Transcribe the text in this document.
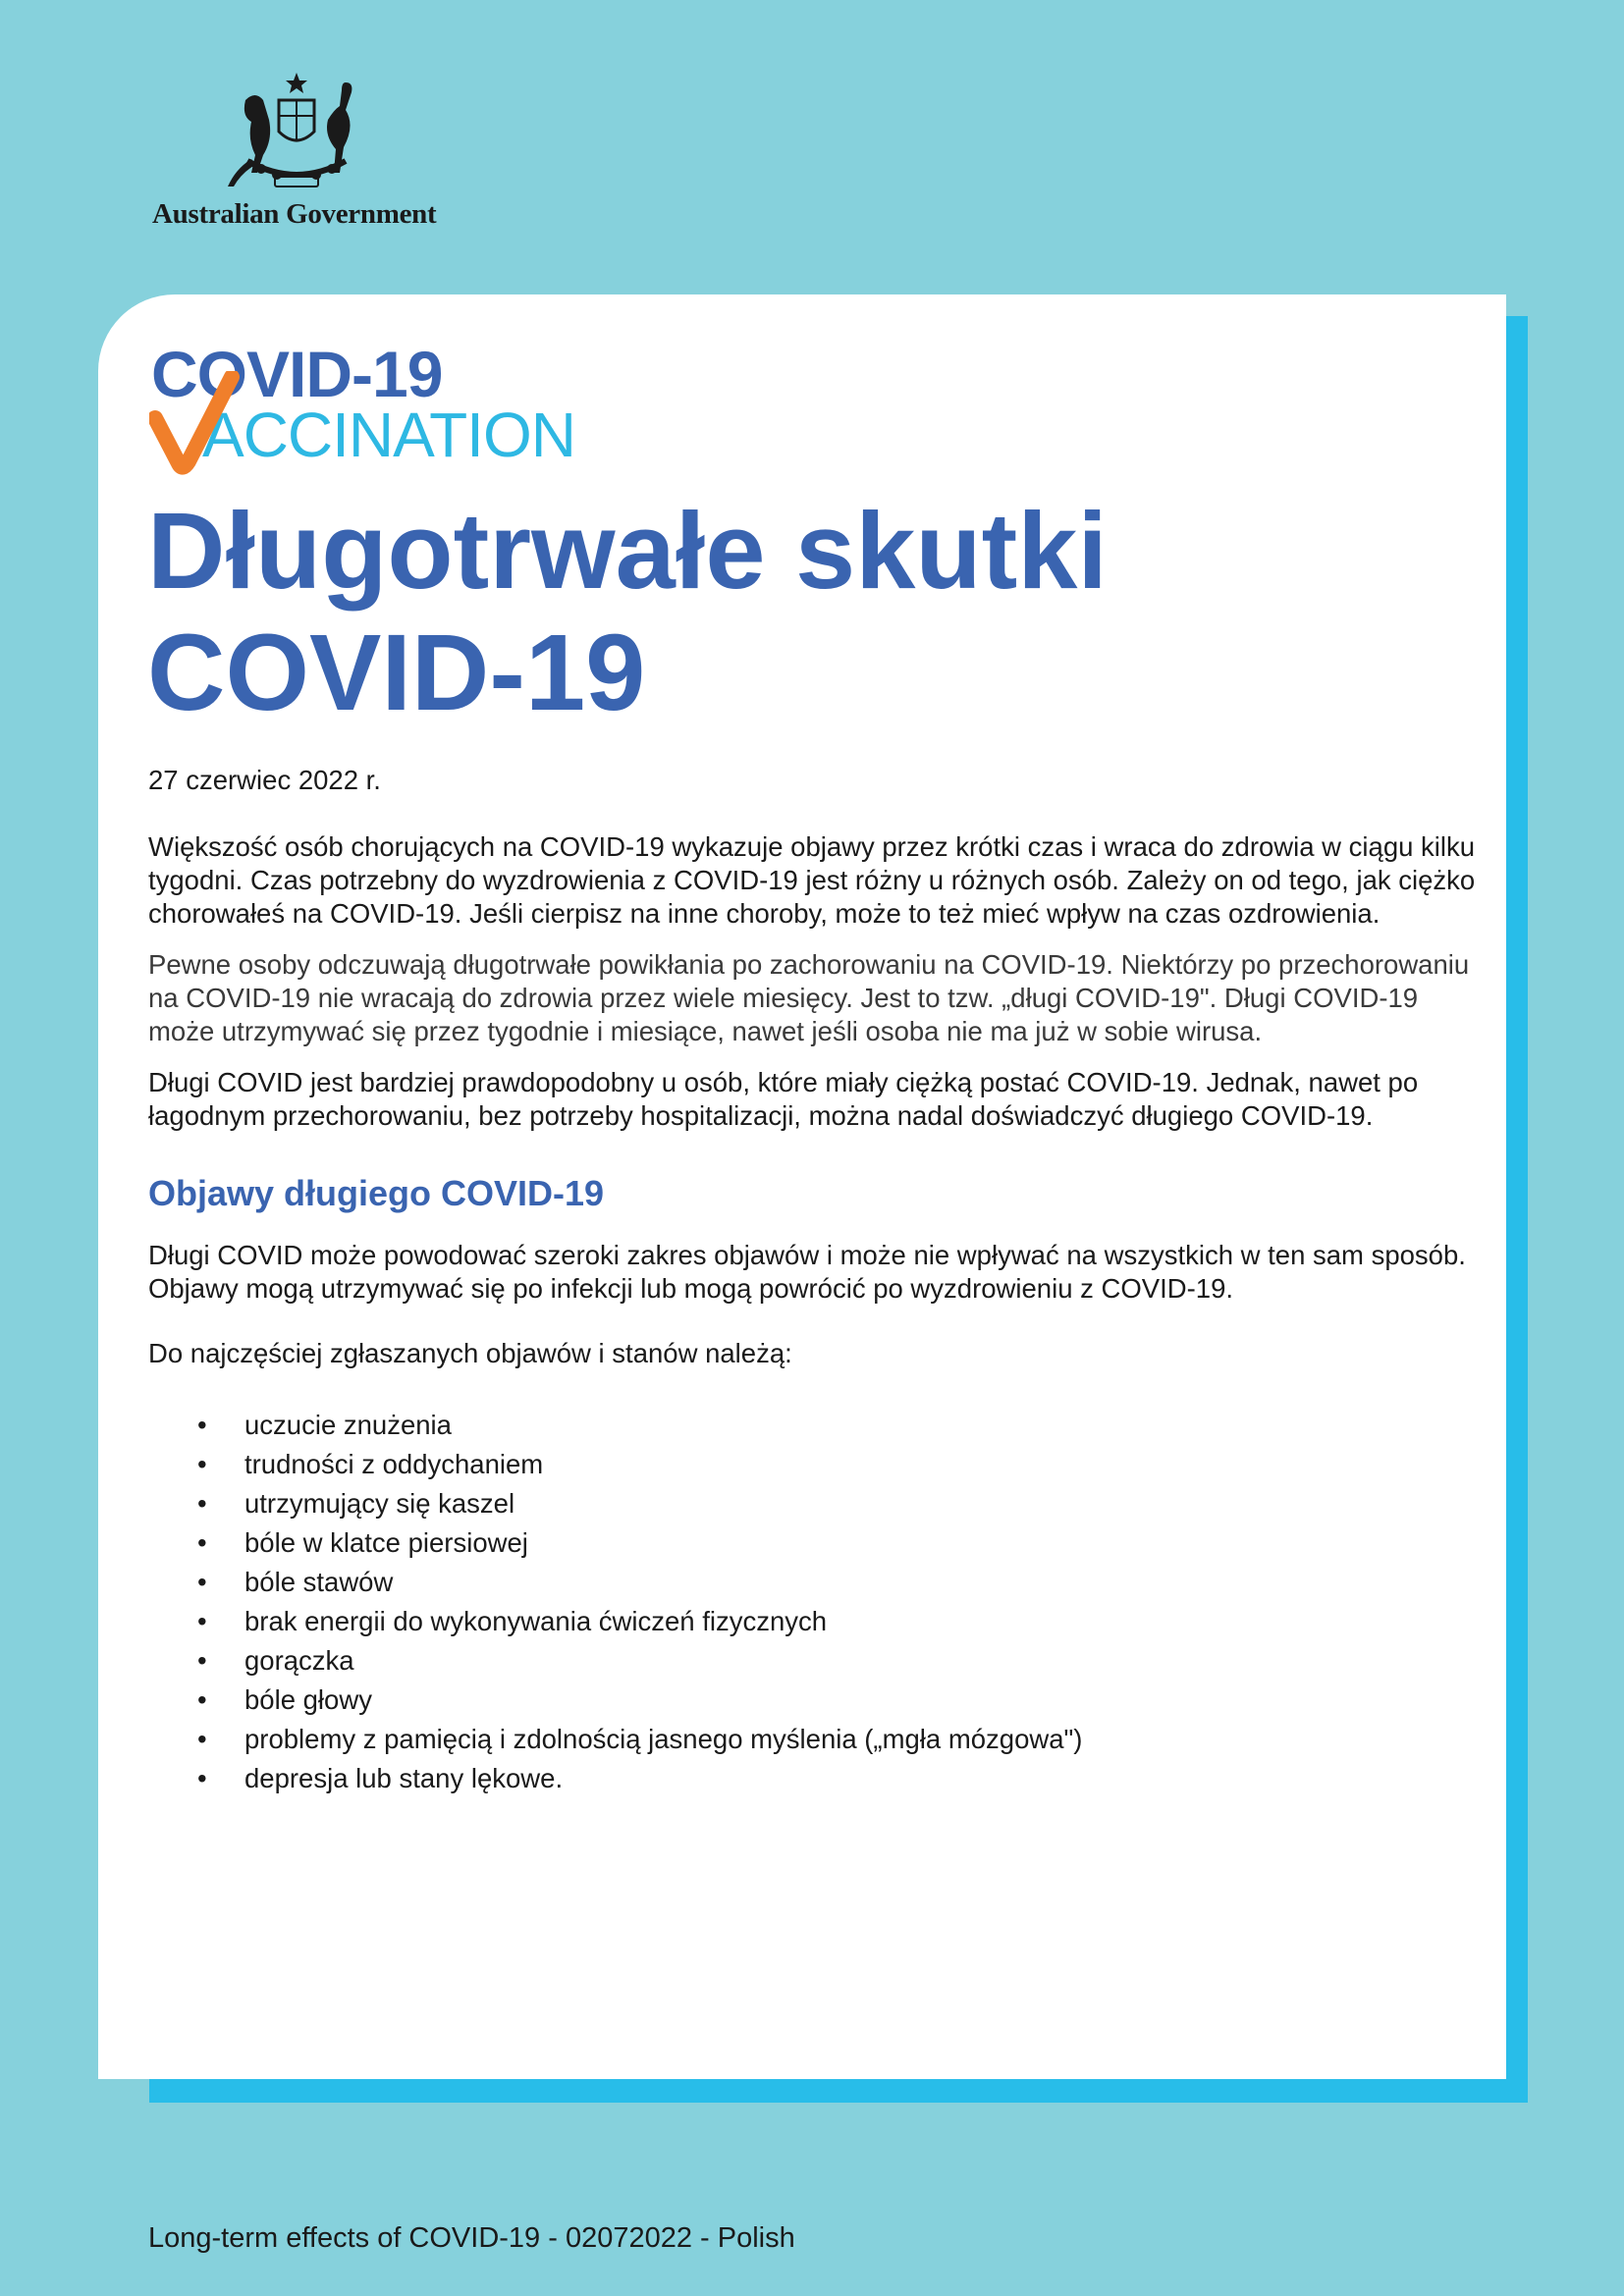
Australian Government
COVID-19
ACCINATION
Długotrwałe skutki
COVID-19

27 czerwiec 2022 r.

Większość osób chorujących na COVID-19 wykazuje objawy przez krótki czas i wraca do zdrowia w ciągu kilku tygodni. Czas potrzebny do wyzdrowienia z COVID-19 jest różny u różnych osób. Zależy on od tego, jak ciężko chorowałeś na COVID-19. Jeśli cierpisz na inne choroby, może to też mieć wpływ na czas ozdrowienia.

Pewne osoby odczuwają długotrwałe powikłania po zachorowaniu na COVID-19. Niektórzy po przechorowaniu na COVID-19 nie wracają do zdrowia przez wiele miesięcy. Jest to tzw. „długi COVID-19". Długi COVID-19 może utrzymywać się przez tygodnie i miesiące, nawet jeśli osoba nie ma już w sobie wirusa.

Długi COVID jest bardziej prawdopodobny u osób, które miały ciężką postać COVID-19. Jednak, nawet po łagodnym przechorowaniu, bez potrzeby hospitalizacji, można nadal doświadczyć długiego COVID-19.

Objawy długiego COVID-19

Długi COVID może powodować szeroki zakres objawów i może nie wpływać na wszystkich w ten sam sposób. Objawy mogą utrzymywać się po infekcji lub mogą powrócić po wyzdrowieniu z COVID-19.

Do najczęściej zgłaszanych objawów i stanów należą:

• uczucie znużenia
• trudności z oddychaniem
• utrzymujący się kaszel
• bóle w klatce piersiowej
• bóle stawów
• brak energii do wykonywania ćwiczeń fizycznych
• gorączka
• bóle głowy
• problemy z pamięcią i zdolnością jasnego myślenia („mgła mózgowa")
• depresja lub stany lękowe.
Long-term effects of COVID-19 - 02072022 - Polish
